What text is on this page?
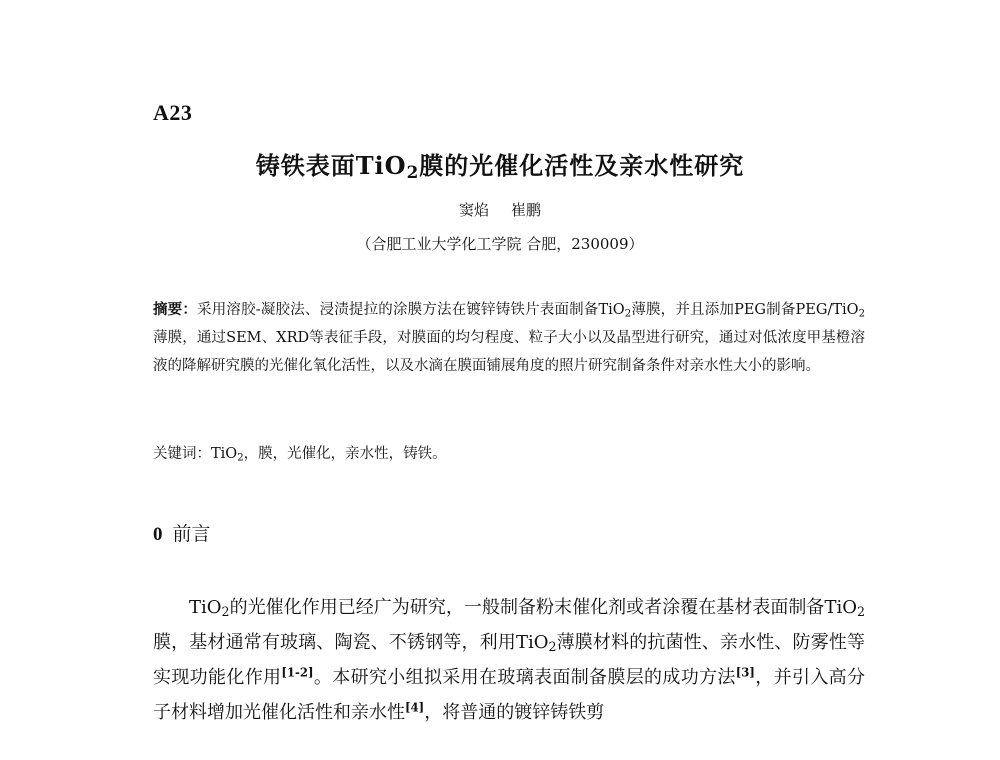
A23
铸铁表面TiO$_2$膜的光催化活性及亲水性研究
窦焰 崔鹏
（合肥工业大学化工学院 合肥，230009）
摘要：采用溶胶-凝胶法、浸渍提拉的涂膜方法在镀锌铸铁片表面制备TiO$_2$薄膜，并且添加PEG制备PEG/TiO$_2$薄膜，通过SEM、XRD等表征手段，对膜面的均匀程度、粒子大小以及晶型进行研究，通过对低浓度甲基橙溶液的降解研究膜的光催化氧化活性，以及水滴在膜面铺展角度的照片研究制备条件对亲水性大小的影响。
关键词：TiO$_2$，膜，光催化，亲水性，铸铁。
0 前言

TiO$_2$的光催化作用已经广为研究，一般制备粉末催化剂或者涂覆在基材表面制备TiO$_2$膜，基材通常有玻璃、陶瓷、不锈钢等，利用TiO$_2$薄膜材料的抗菌性、亲水性、防雾性等实现功能化作用[1-2]。本研究小组拟采用在玻璃表面制备膜层的成功方法[3]，并引入高分子材料增加光催化活性和亲水性[4]，将普通的镀锌铸铁剪
